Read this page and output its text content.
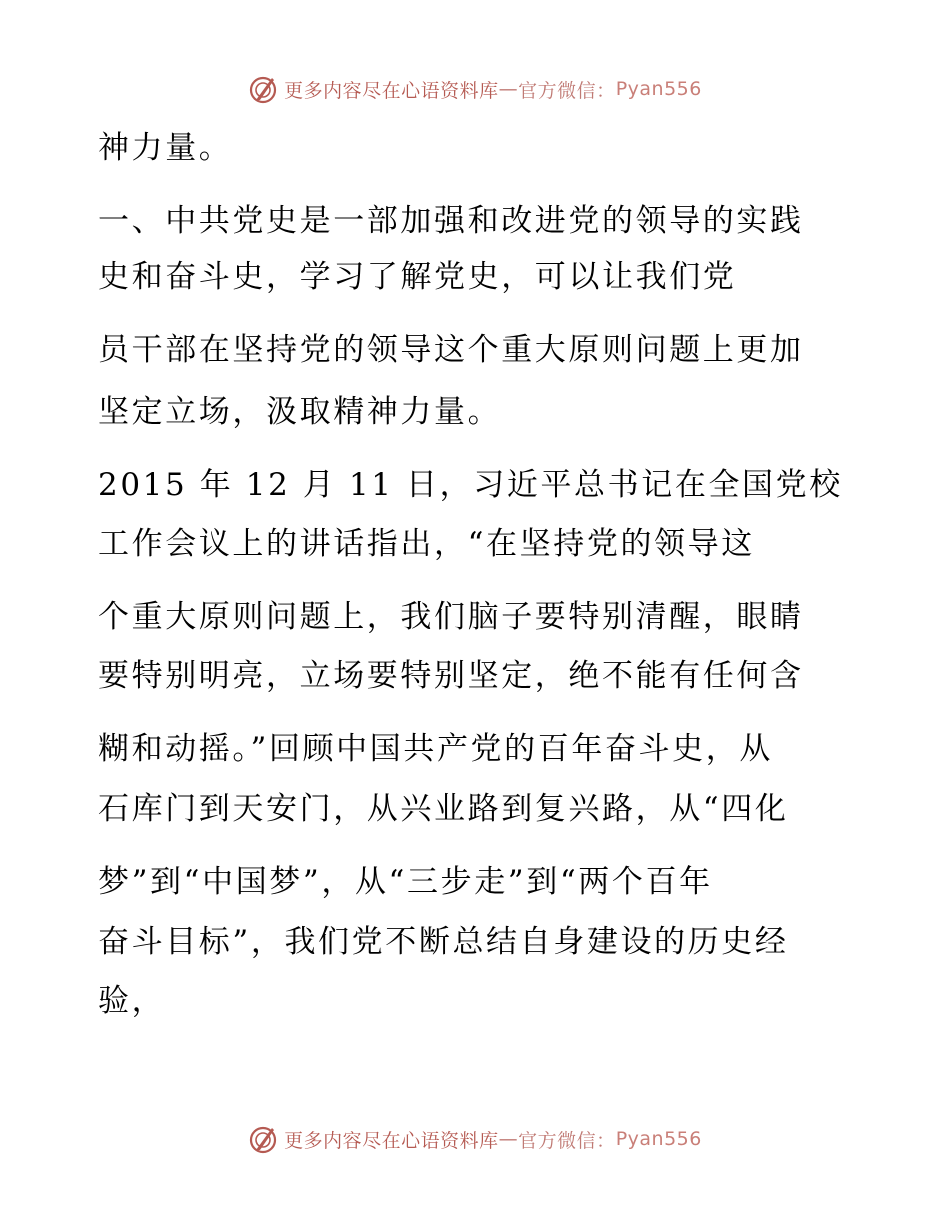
更多内容尽在心语资料库 — 官方微信： Pyan556
神力量。
一、中共党史是一部加强和改进党的领导的实践
史和奋斗史，学习了解党史，可以让我们党
员干部在坚持党的领导这个重大原则问题上更加
坚定立场，汲取精神力量。
2015 年 12 月 11 日，习近平总书记在全国党校
工作会议上的讲话指出，“在坚持党的领导这
个重大原则问题上，我们脑子要特别清醒，眼睛
要特别明亮，立场要特别坚定，绝不能有任何含
糊和动摇。”回顾中国共产党的百年奋斗史，从
石库门到天安门，从兴业路到复兴路，从“四化
梦”到“中国梦”，从“三步走”到“两个百年
奋斗目标”，我们党不断总结自身建设的历史经
验，
更多内容尽在心语资料库 — 官方微信： Pyan556
